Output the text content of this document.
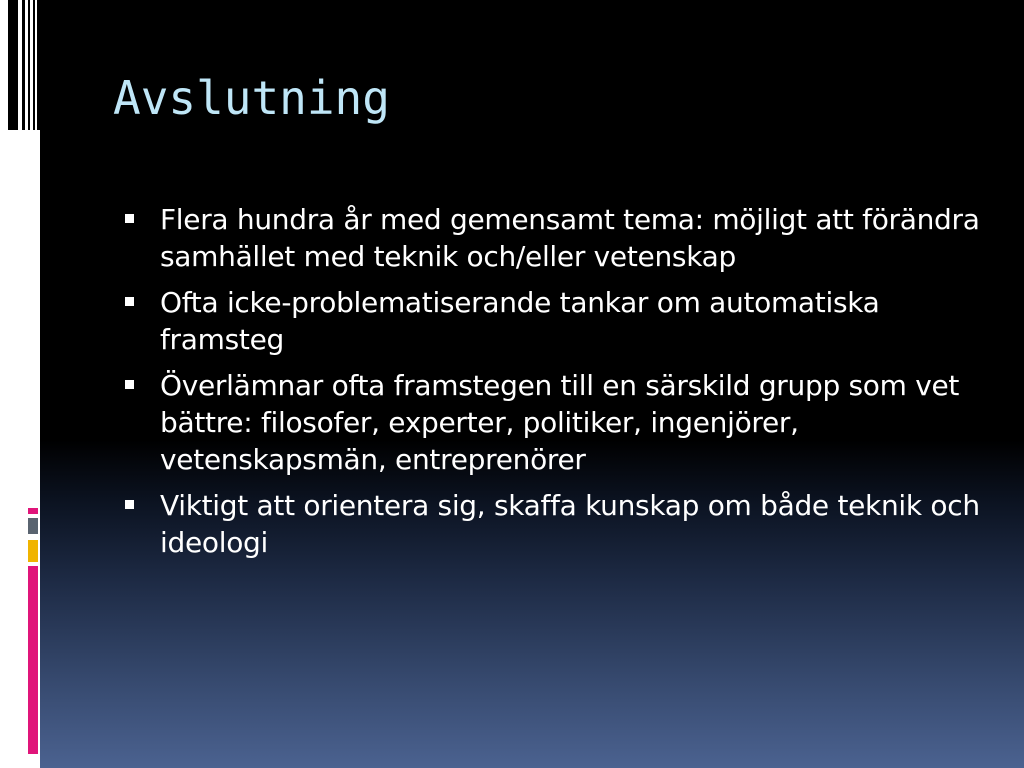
Avslutning
Flera hundra år med gemensamt tema: möjligt att förändra samhället med teknik och/eller vetenskap
Ofta icke-problematiserande tankar om automatiska framsteg
Överlämnar ofta framstegen till en särskild grupp som vet bättre: filosofer, experter, politiker, ingenjörer, vetenskapsmän, entreprenörer
Viktigt att orientera sig, skaffa kunskap om både teknik och ideologi
